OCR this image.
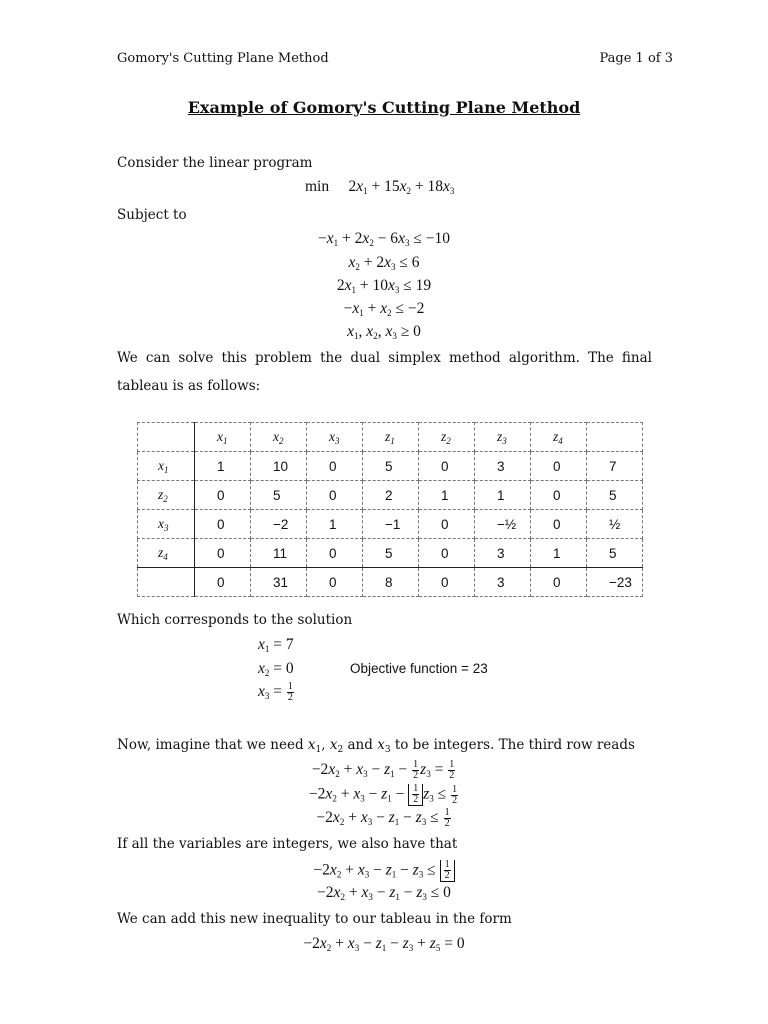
Gomory's Cutting Plane Method	Page 1 of 3
Example of Gomory's Cutting Plane Method
Consider the linear program
min     $2x_1 + 15x_2 + 18x_3$
Subject to
$-x_1 + 2x_2 - 6x_3 \le -10$
$x_2 + 2x_3 \le 6$
$2x_1 + 10x_3 \le 19$
$-x_1 + x_2 \le -2$
$x_1$, $x_2$, $x_3 \ge 0$
We can solve this problem the dual simplex method algorithm. The final
tableau is as follows:
	$x_1$	$x_2$	$x_3$	$z_1$	$z_2$	$z_3$	$z_4$	
$x_1$	1	10	0	5	0	3	0	7
$z_2$	0	5	0	2	1	1	0	5
$x_3$	0	−2	1	−1	0	−½	0	½
$z_4$	0	11	0	5	0	3	1	5
	0	31	0	8	0	3	0	−23
Which corresponds to the solution
$x_1 = 7$
$x_2 = 0$
$x_3 = \frac{1}{2}$
Objective function = 23
Now, imagine that we need $x_1$, $x_2$ and $x_3$ to be integers. The third row reads
$-2x_2 + x_3 - z_1 - \frac{1}{2} z_3 = \frac{1}{2}$
$-2x_2 + x_3 - z_1 - \frac{1}{2} z_3 \le \frac{1}{2}$
$-2x_2 + x_3 - z_1 - z_3 \le \frac{1}{2}$
If all the variables are integers, we also have that
$-2x_2 + x_3 - z_1 - z_3 \le \frac{1}{2}$
$-2x_2 + x_3 - z_1 - z_3 \le 0$
We can add this new inequality to our tableau in the form
$-2x_2 + x_3 - z_1 - z_3 + z_5 = 0$
